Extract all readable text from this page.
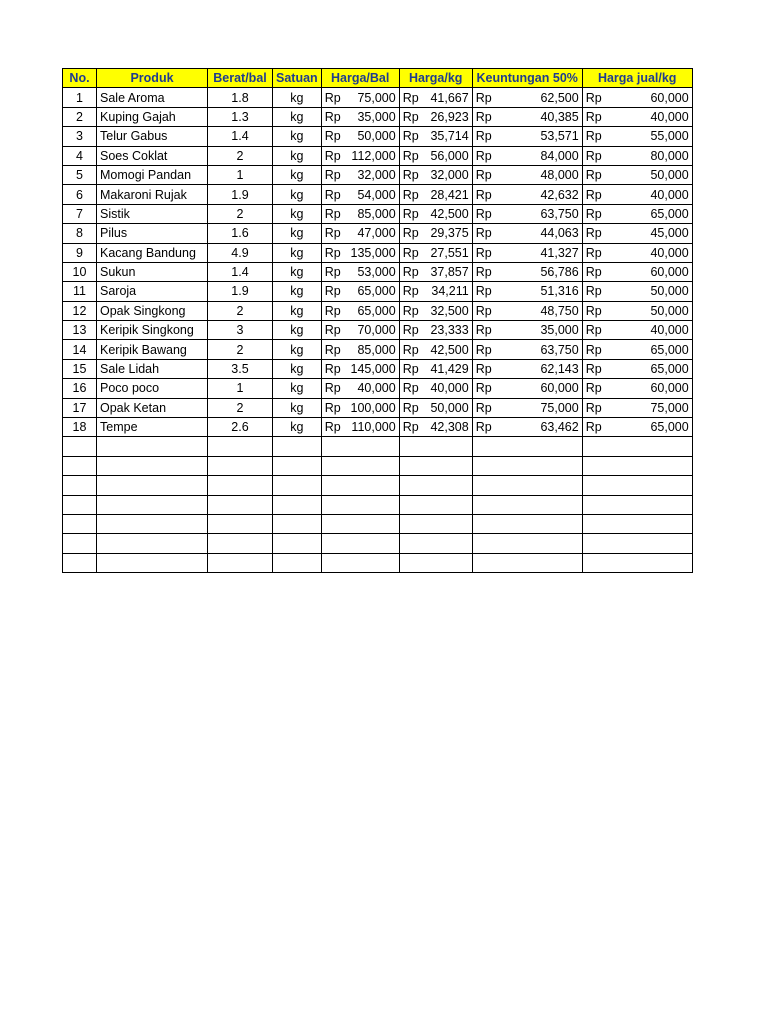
No.	Produk	Berat/bal	Satuan	Harga/Bal	Harga/kg	Keuntungan 50%	Harga jual/kg
1	Sale Aroma	1.8	kg	Rp 75,000	Rp 41,667	Rp 62,500	Rp 60,000

2	Kuping Gajah	1.3	kg	Rp 35,000	Rp 26,923	Rp 40,385	Rp 40,000

3	Telur Gabus	1.4	kg	Rp 50,000	Rp 35,714	Rp 53,571	Rp 55,000

4	Soes Coklat	2	kg	Rp 112,000	Rp 56,000	Rp 84,000	Rp 80,000

5	Momogi Pandan	1	kg	Rp 32,000	Rp 32,000	Rp 48,000	Rp 50,000

6	Makaroni Rujak	1.9	kg	Rp 54,000	Rp 28,421	Rp 42,632	Rp 40,000

7	Sistik	2	kg	Rp 85,000	Rp 42,500	Rp 63,750	Rp 65,000

8	Pilus	1.6	kg	Rp 47,000	Rp 29,375	Rp 44,063	Rp 45,000

9	Kacang Bandung	4.9	kg	Rp 135,000	Rp 27,551	Rp 41,327	Rp 40,000

10	Sukun	1.4	kg	Rp 53,000	Rp 37,857	Rp 56,786	Rp 60,000

11	Saroja	1.9	kg	Rp 65,000	Rp 34,211	Rp 51,316	Rp 50,000

12	Opak Singkong	2	kg	Rp 65,000	Rp 32,500	Rp 48,750	Rp 50,000

13	Keripik Singkong	3	kg	Rp 70,000	Rp 23,333	Rp 35,000	Rp 40,000

14	Keripik Bawang	2	kg	Rp 85,000	Rp 42,500	Rp 63,750	Rp 65,000

15	Sale Lidah	3.5	kg	Rp 145,000	Rp 41,429	Rp 62,143	Rp 65,000

16	Poco poco	1	kg	Rp 40,000	Rp 40,000	Rp 60,000	Rp 60,000

17	Opak Ketan	2	kg	Rp 100,000	Rp 50,000	Rp 75,000	Rp 75,000

18	Tempe	2.6	kg	Rp 110,000	Rp 42,308	Rp 63,462	Rp 65,000
